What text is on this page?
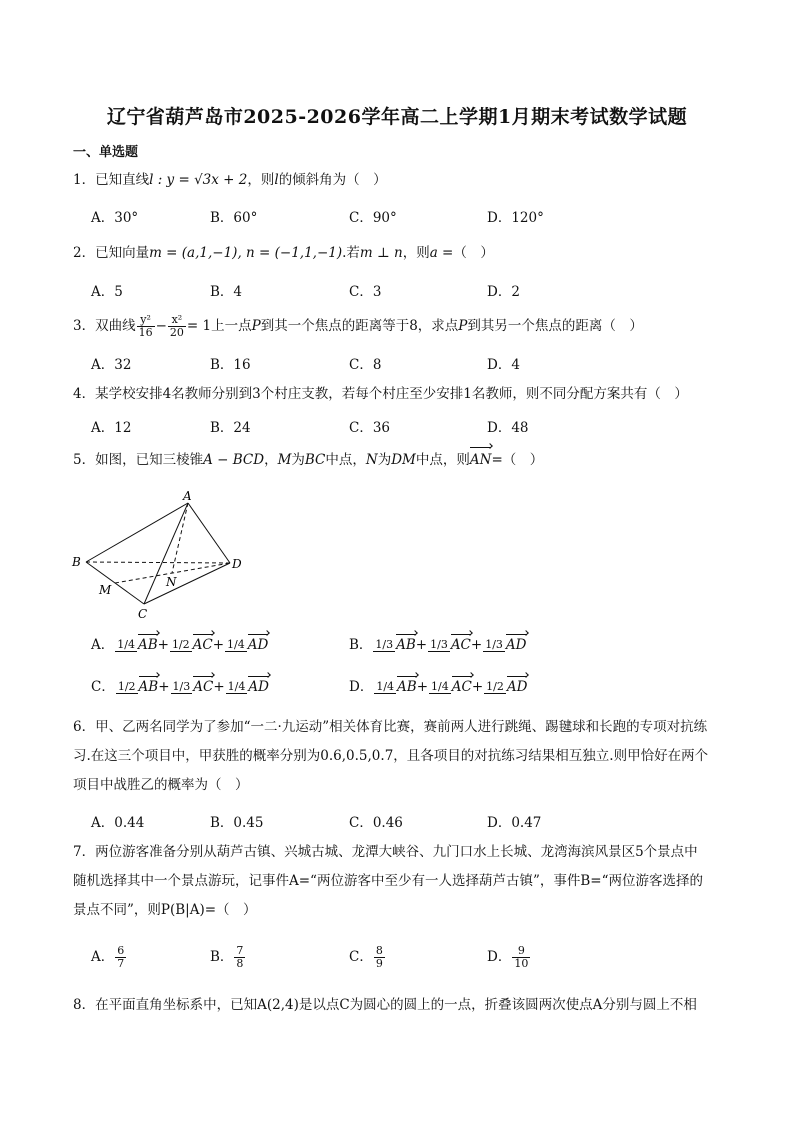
辽宁省葫芦岛市2025-2026学年高二上学期1月期末考试数学试题
一、单选题
1．已知直线l : y = √3x + 2，则l的倾斜角为（　）
A．30°	B．60°	C．90°	D．120°
2．已知向量m = (a,1,−1), n = (−1,1,−1).若m ⊥ n，则a =（　）
A．5	B．4	C．3	D．2
3．双曲线 $\frac{\text{y²}}{16} - \frac{\text{x²}}{20} = 1$上一点P到其一个焦点的距离等于8，求点P到其另一个焦点的距离（　）
A．32	B．16	C．8	D．4
4．某学校安排4名教师分别到3个村庄支教，若每个村庄至少安排1名教师，则不同分配方案共有（　）
A．12	B．24	C．36	D．48
5．如图，已知三棱锥A − BCD，M为BC中点，N为DM中点，则AN=（　）
A
B
C
D
M
N
A． 1/4 AB+ 1/2 AC+ 1/4 AD	B． 1/3 AB+ 1/3 AC+ 1/3 AD
C． 1/2 AB+ 1/3 AC+ 1/4 AD	D． 1/4 AB+ 1/4 AC+ 1/2 AD
6．甲、乙两名同学为了参加“一二·九运动”相关体育比赛，赛前两人进行跳绳、踢毽球和长跑的专项对抗练
习.在这三个项目中，甲获胜的概率分别为0.6,0.5,0.7，且各项目的对抗练习结果相互独立.则甲恰好在两个
项目中战胜乙的概率为（　）
A．0.44	B．0.45	C．0.46	D．0.47
7．两位游客准备分别从葫芦古镇、兴城古城、龙潭大峡谷、九门口水上长城、龙湾海滨风景区5个景点中
随机选择其中一个景点游玩，记事件A=“两位游客中至少有一人选择葫芦古镇”，事件B=“两位游客选择的
景点不同”，则P(B|A)=（　）
A． $\frac{6}{7}$	B． $\frac{7}{8}$	C． $\frac{8}{9}$	D． $\frac{9}{10}$
8．在平面直角坐标系中，已知A(2,4)是以点C为圆心的圆上的一点，折叠该圆两次使点A分别与圆上不相
